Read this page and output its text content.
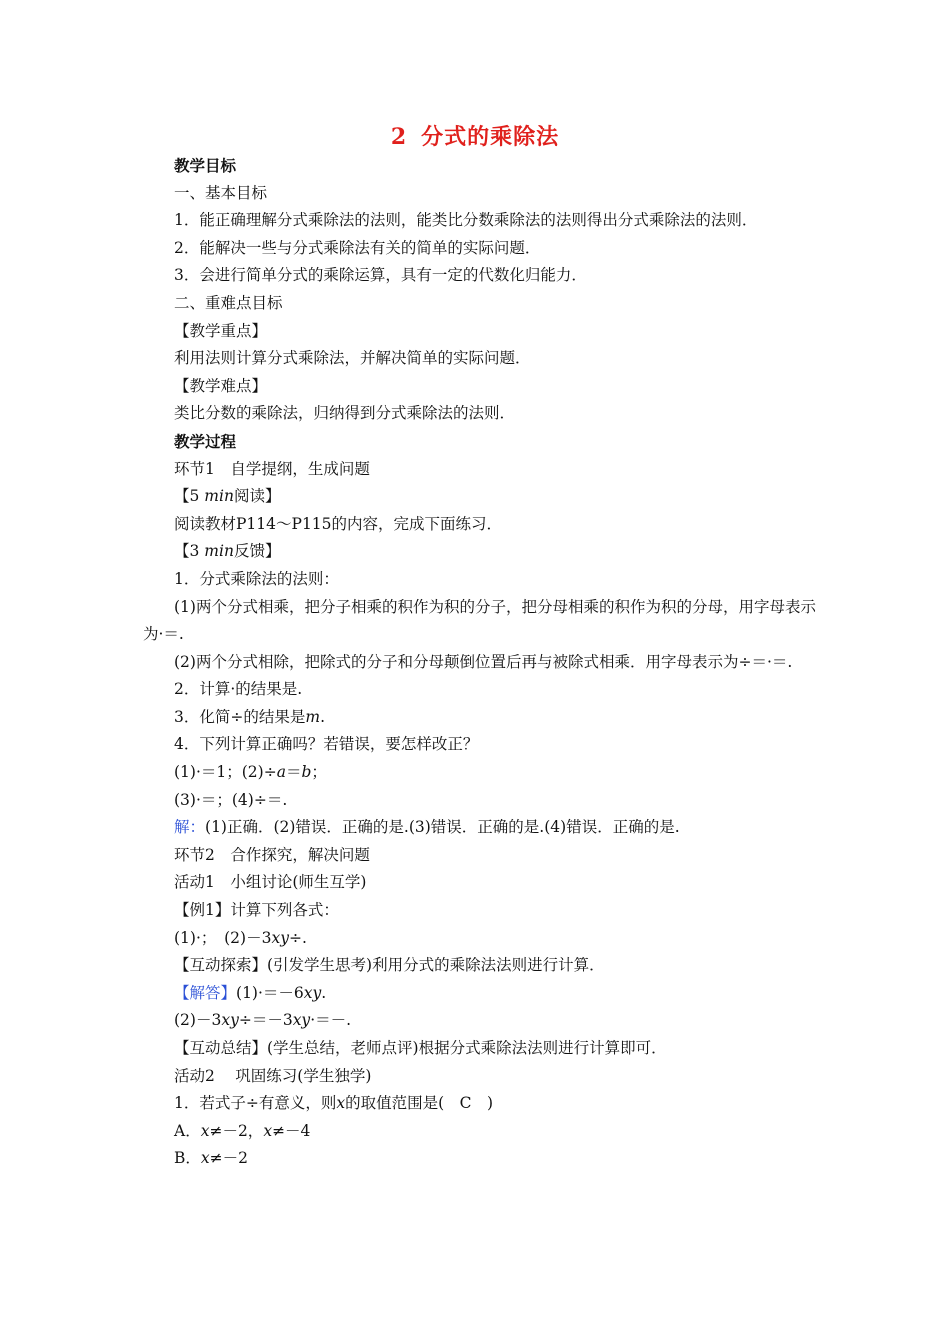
2 分式的乘除法
教学目标
一、基本目标
1．能正确理解分式乘除法的法则，能类比分数乘除法的法则得出分式乘除法的法则．
2．能解决一些与分式乘除法有关的简单的实际问题．
3．会进行简单分式的乘除运算，具有一定的代数化归能力．
二、重难点目标
【教学重点】
利用法则计算分式乘除法，并解决简单的实际问题．
【教学难点】
类比分数的乘除法，归纳得到分式乘除法的法则．
教学过程
环节1　自学提纲，生成问题
【5 min阅读】
阅读教材P114～P115的内容，完成下面练习．
【3 min反馈】
1．分式乘除法的法则：
(1)两个分式相乘，把分子相乘的积作为积的分子，把分母相乘的积作为积的分母，用字母表示为·＝.
(2)两个分式相除，把除式的分子和分母颠倒位置后再与被除式相乘．用字母表示为÷＝·＝.
2．计算·的结果是.
3．化简÷的结果是m.
4．下列计算正确吗？若错误，要怎样改正？
(1)·＝1；(2)÷a＝b；
(3)·＝；(4)÷＝.
解：(1)正确．(2)错误．正确的是.(3)错误．正确的是.(4)错误．正确的是.
环节2　合作探究，解决问题
活动1　小组讨论(师生互学)
【例1】计算下列各式：
(1)·；　(2)－3xy÷.
【互动探索】(引发学生思考)利用分式的乘除法法则进行计算．
【解答】(1)·＝－6xy.
(2)－3xy÷＝－3xy·＝－.
【互动总结】(学生总结，老师点评)根据分式乘除法法则进行计算即可．
活动2　 巩固练习(学生独学)
1．若式子÷有意义，则x的取值范围是(　C　)
A．x≠－2，x≠－4
B．x≠－2
